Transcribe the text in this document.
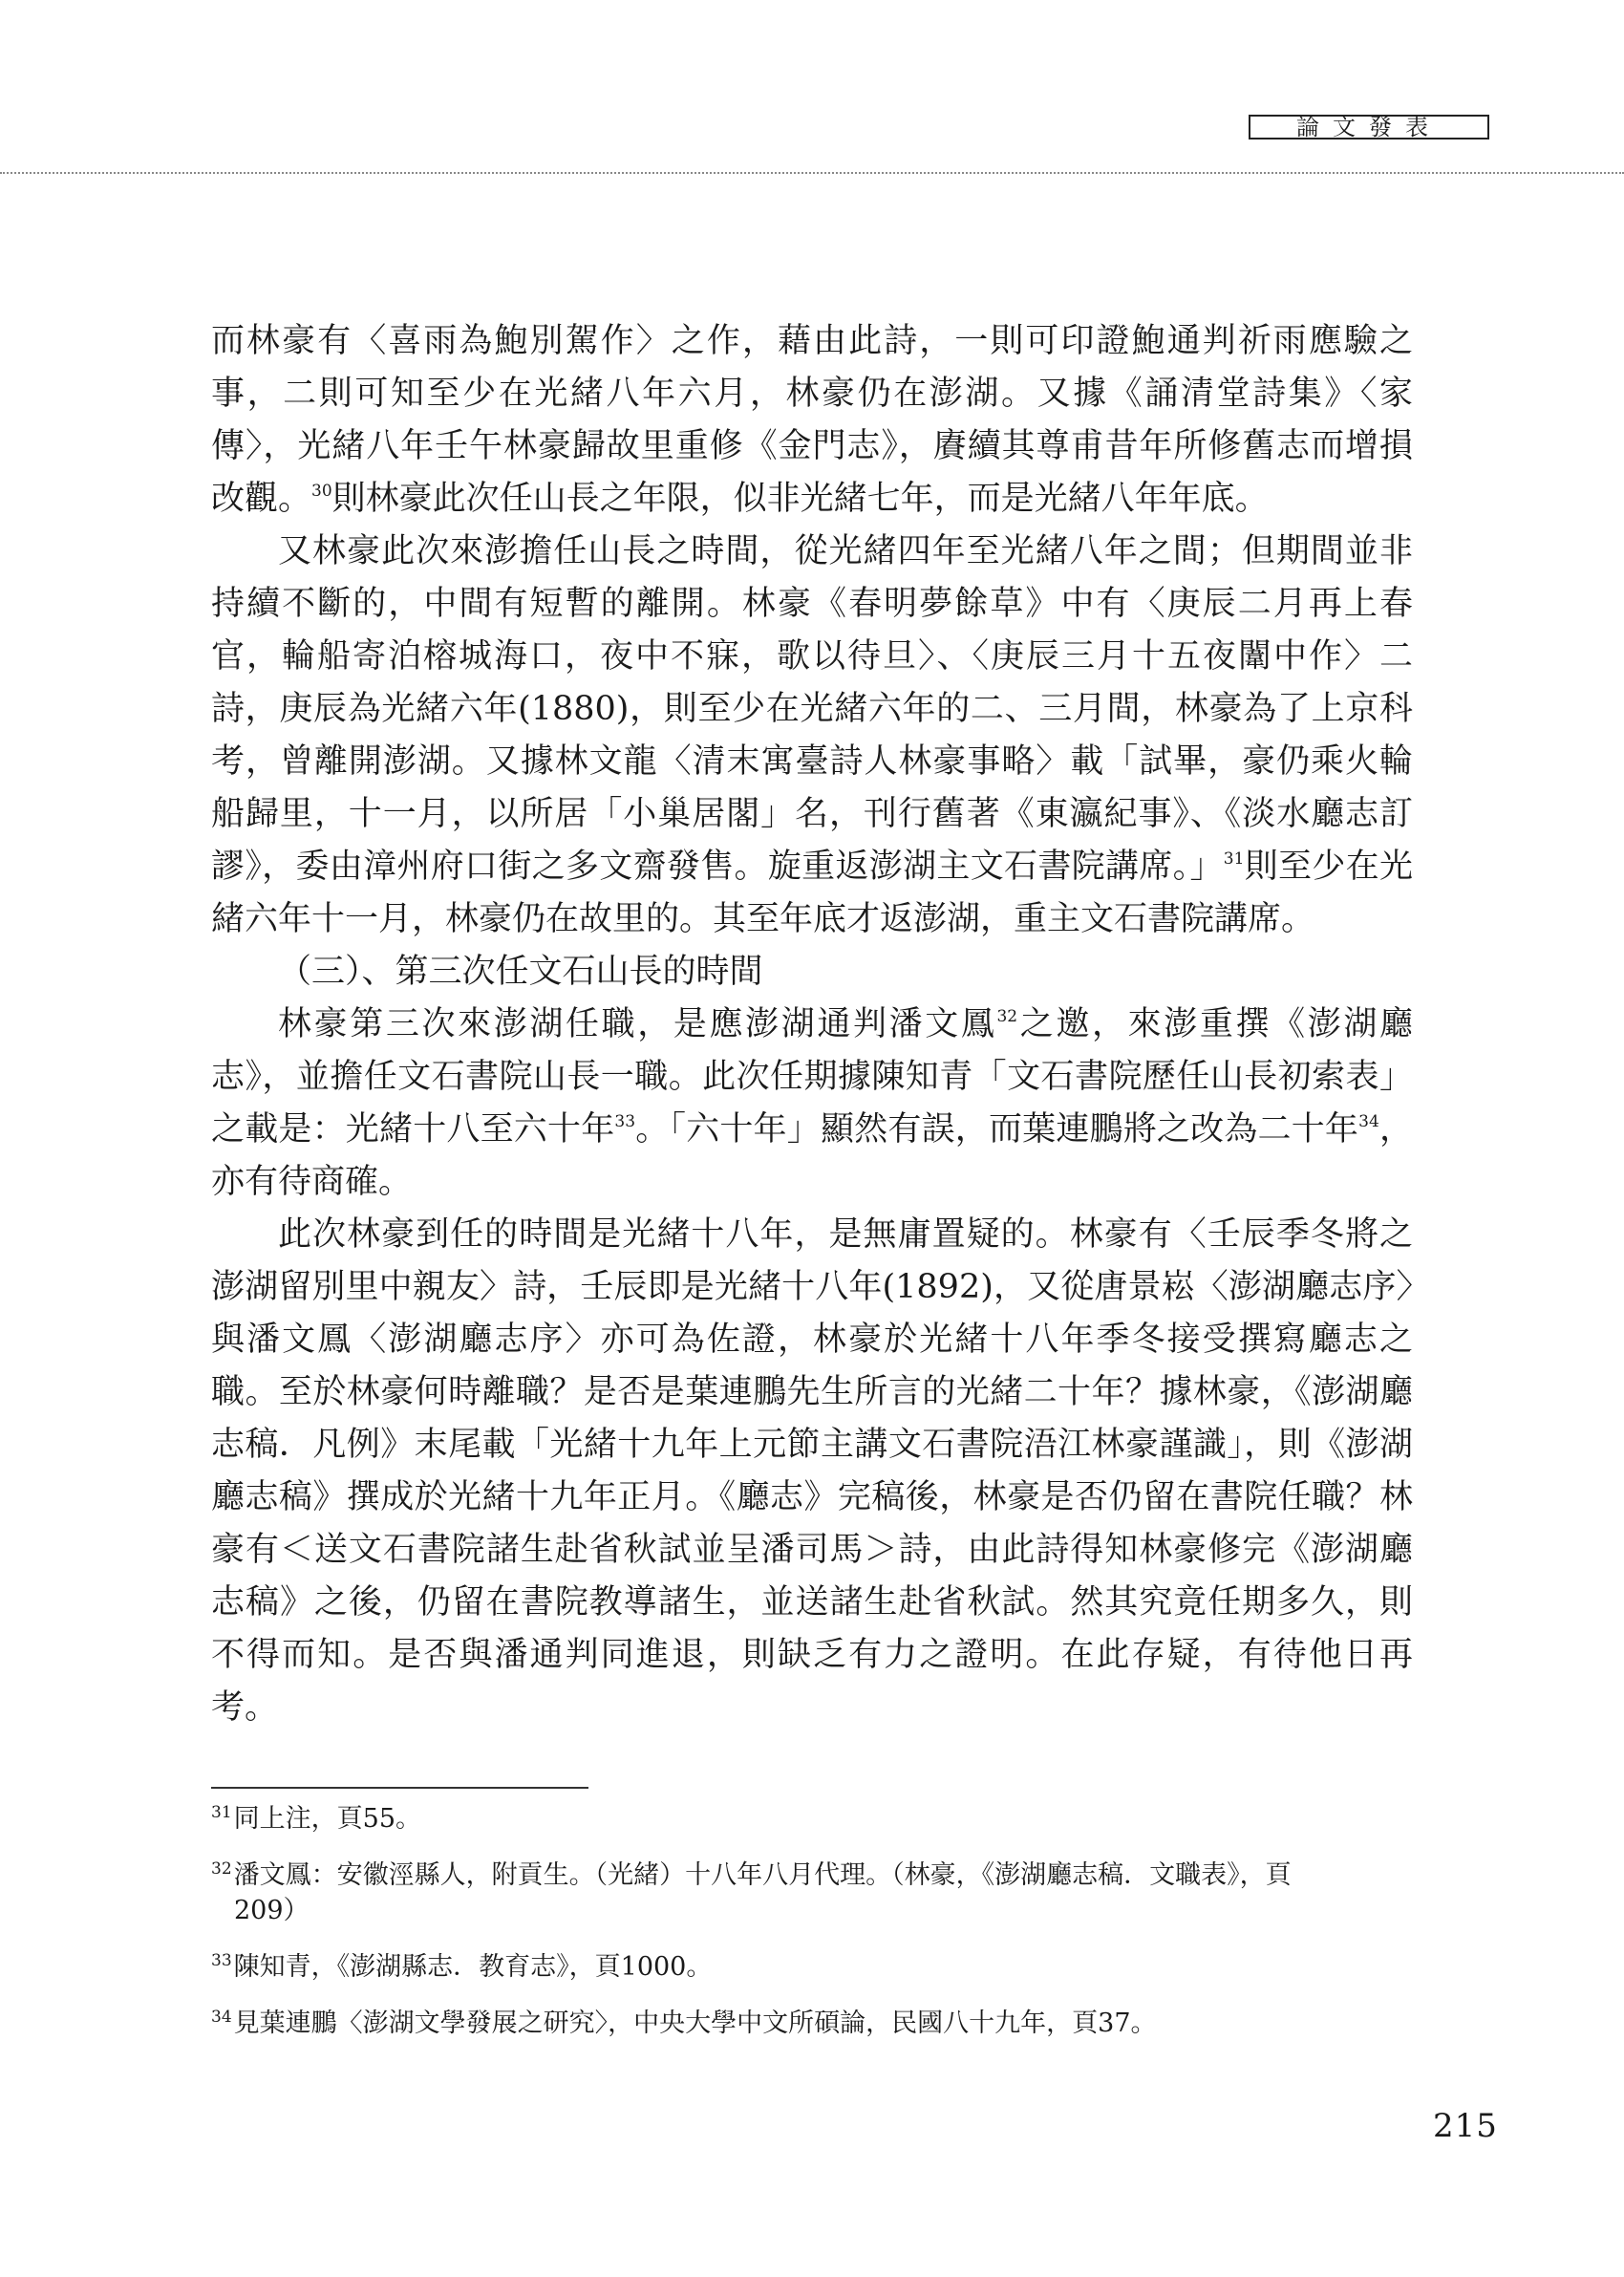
論文發表

而林豪有〈喜雨為鮑別駕作〉之作，藉由此詩，一則可印證鮑通判祈雨應驗之事，二則可知至少在光緒八年六月，林豪仍在澎湖。又據《誦清堂詩集》〈家傳〉，光緒八年壬午林豪歸故里重修《金門志》，賡續其尊甫昔年所修舊志而增損改觀。$^{30}$則林豪此次任山長之年限，似非光緒七年，而是光緒八年年底。

又林豪此次來澎擔任山長之時間，從光緒四年至光緒八年之間；但期間並非持續不斷的，中間有短暫的離開。林豪《春明夢餘草》中有〈庚辰二月再上春官，輪船寄泊榕城海口，夜中不寐，歌以待旦〉、〈庚辰三月十五夜闈中作〉二詩，庚辰為光緒六年(1880)，則至少在光緒六年的二、三月間，林豪為了上京科考，曾離開澎湖。又據林文龍〈清末寓臺詩人林豪事略〉載「試畢，豪仍乘火輪船歸里，十一月，以所居「小巢居閣」名，刊行舊著《東瀛紀事》、《淡水廳志訂謬》，委由漳州府口街之多文齋發售。旋重返澎湖主文石書院講席。」$^{31}$則至少在光緒六年十一月，林豪仍在故里的。其至年底才返澎湖，重主文石書院講席。

（三）、第三次任文石山長的時間

林豪第三次來澎湖任職，是應澎湖通判潘文鳳$^{32}$之邀，來澎重撰《澎湖廳志》，並擔任文石書院山長一職。此次任期據陳知青「文石書院歷任山長初索表」之載是：光緒十八至六十年$^{33}$。「六十年」顯然有誤，而葉連鵬將之改為二十年$^{34}$，亦有待商確。

此次林豪到任的時間是光緒十八年，是無庸置疑的。林豪有〈壬辰季冬將之澎湖留別里中親友〉詩，壬辰即是光緒十八年(1892)，又從唐景崧〈澎湖廳志序〉與潘文鳳〈澎湖廳志序〉亦可為佐證，林豪於光緒十八年季冬接受撰寫廳志之職。至於林豪何時離職？是否是葉連鵬先生所言的光緒二十年？據林豪，《澎湖廳志稿．凡例》末尾載「光緒十九年上元節主講文石書院浯江林豪謹識」，則《澎湖廳志稿》撰成於光緒十九年正月。《廳志》完稿後，林豪是否仍留在書院任職？林豪有＜送文石書院諸生赴省秋試並呈潘司馬＞詩，由此詩得知林豪修完《澎湖廳志稿》之後，仍留在書院教導諸生，並送諸生赴省秋試。然其究竟任期多久，則不得而知。是否與潘通判同進退，則缺乏有力之證明。在此存疑，有待他日再考。

$^{31}$同上注，頁55。

$^{32}$潘文鳳：安徽涇縣人，附貢生。（光緒）十八年八月代理。（林豪，《澎湖廳志稿．文職表》，頁
209）

$^{33}$陳知青，《澎湖縣志．教育志》，頁1000。

$^{34}$見葉連鵬〈澎湖文學發展之研究〉，中央大學中文所碩論，民國八十九年，頁37。

215
